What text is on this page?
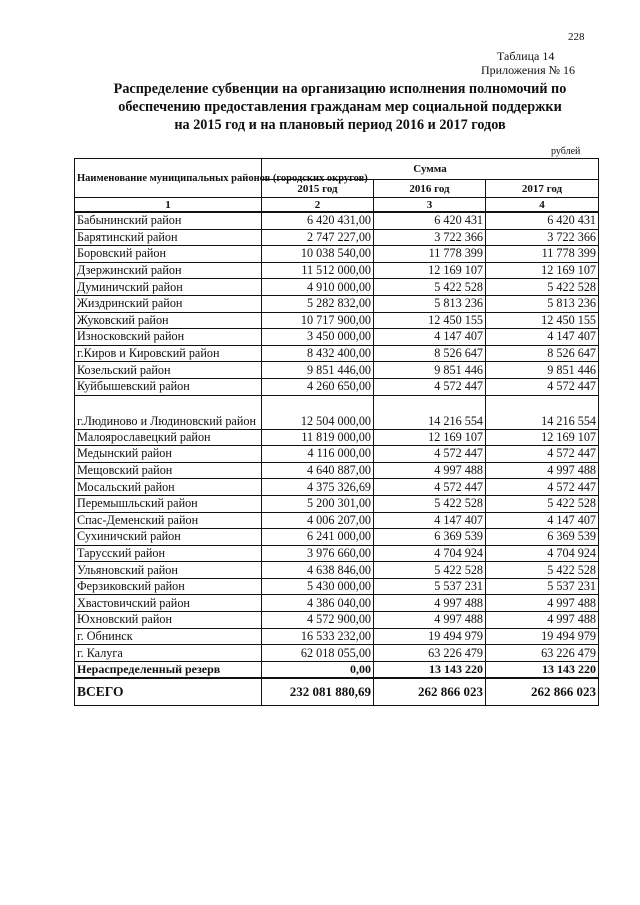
228
Таблица 14
Приложения № 16
Распределение субвенции на организацию исполнения полномочий по
обеспечению предоставления гражданам мер социальной поддержки
на 2015 год и на плановый период 2016 и 2017 годов
рублей
Наименование муниципальных районов (городских округов)	Сумма		
	2015 год	2016 год	2017 год
1	2	3	4
Бабынинский район	6 420 431,00	6 420 431	6 420 431
Барятинский район	2 747 227,00	3 722 366	3 722 366
Боровский район	10 038 540,00	11 778 399	11 778 399
Дзержинский район	11 512 000,00	12 169 107	12 169 107
Думиничский район	4 910 000,00	5 422 528	5 422 528
Жиздринский район	5 282 832,00	5 813 236	5 813 236
Жуковский район	10 717 900,00	12 450 155	12 450 155
Износковский район	3 450 000,00	4 147 407	4 147 407
г.Киров и Кировский район	8 432 400,00	8 526 647	8 526 647
Козельский район	9 851 446,00	9 851 446	9 851 446
Куйбышевский район	4 260 650,00	4 572 447	4 572 447
г.Людиново и Людиновский район	12 504 000,00	14 216 554	14 216 554
Малоярославецкий район	11 819 000,00	12 169 107	12 169 107
Медынский район	4 116 000,00	4 572 447	4 572 447
Мещовский район	4 640 887,00	4 997 488	4 997 488
Мосальский район	4 375 326,69	4 572 447	4 572 447
Перемышльский район	5 200 301,00	5 422 528	5 422 528
Спас-Деменский район	4 006 207,00	4 147 407	4 147 407
Сухиничский район	6 241 000,00	6 369 539	6 369 539
Тарусский район	3 976 660,00	4 704 924	4 704 924
Ульяновский район	4 638 846,00	5 422 528	5 422 528
Ферзиковский район	5 430 000,00	5 537 231	5 537 231
Хвастовичский район	4 386 040,00	4 997 488	4 997 488
Юхновский район	4 572 900,00	4 997 488	4 997 488
г. Обнинск	16 533 232,00	19 494 979	19 494 979
г. Калуга	62 018 055,00	63 226 479	63 226 479
Нераспределенный резерв	0,00	13 143 220	13 143 220
ВСЕГО	232 081 880,69	262 866 023	262 866 023
